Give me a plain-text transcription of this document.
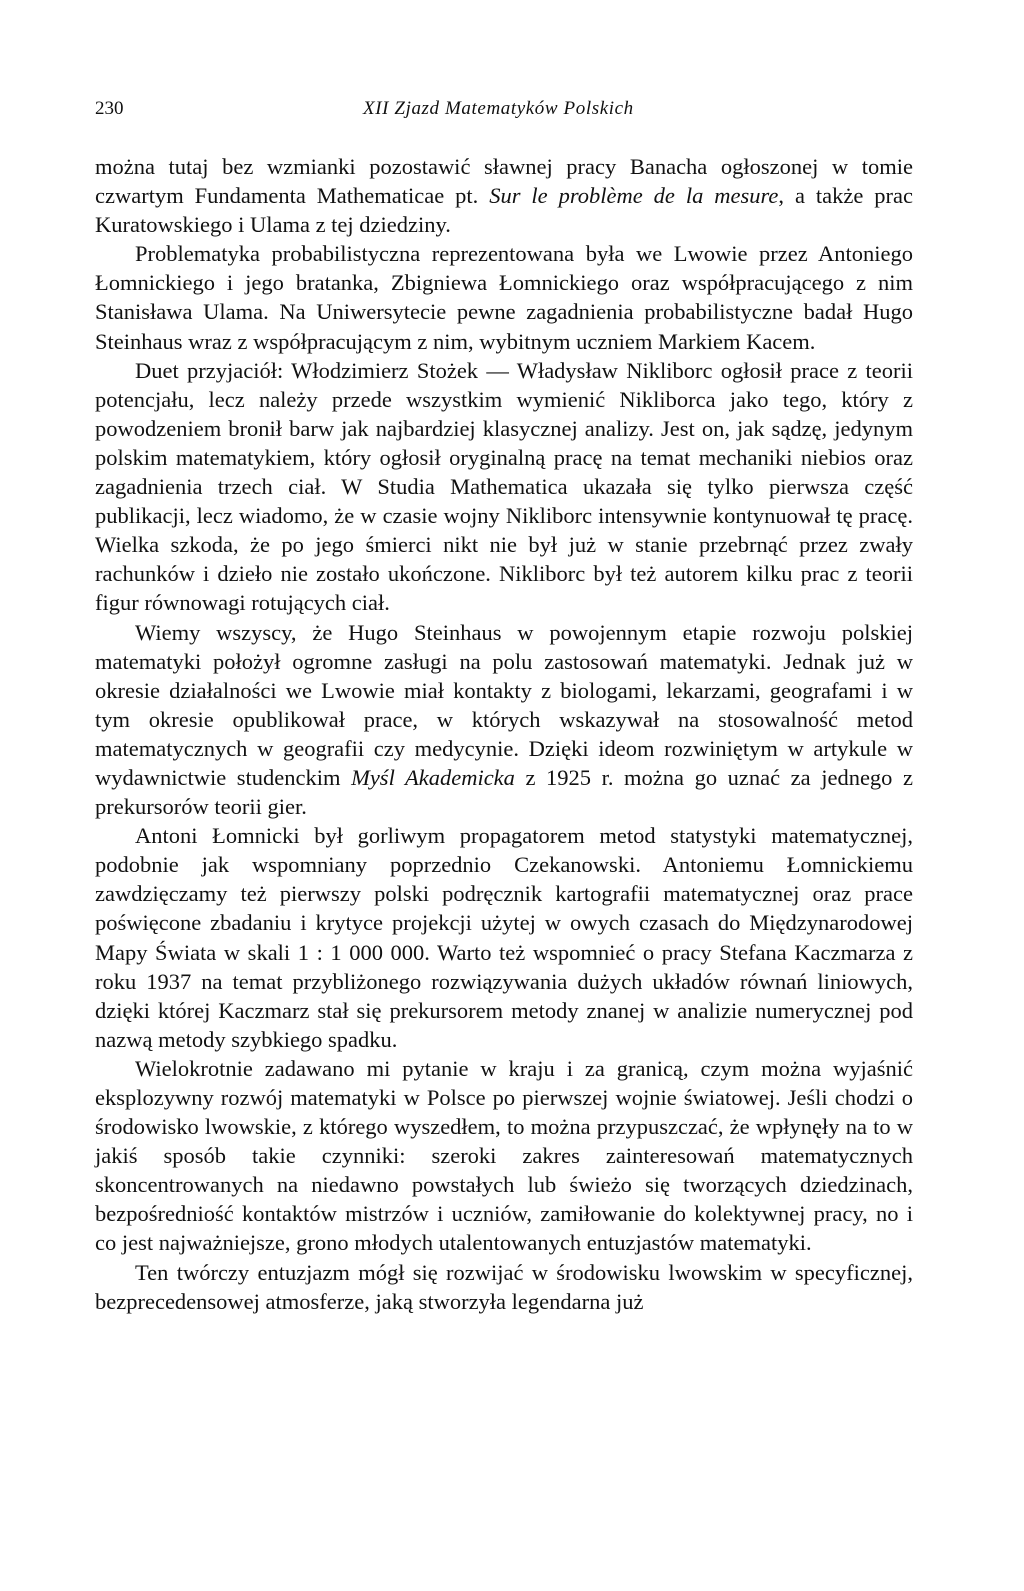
230	XII Zjazd Matematyków Polskich

można tutaj bez wzmianki pozostawić sławnej pracy Banacha ogłoszonej w tomie czwartym Fundamenta Mathematicae pt. Sur le problème de la mesure, a także prac Kuratowskiego i Ulama z tej dziedziny.

Problematyka probabilistyczna reprezentowana była we Lwowie przez Antoniego Łomnickiego i jego bratanka, Zbigniewa Łomnickiego oraz współpracującego z nim Stanisława Ulama. Na Uniwersytecie pewne zagadnienia probabilistyczne badał Hugo Steinhaus wraz z współpracującym z nim, wybitnym uczniem Markiem Kacem.

Duet przyjaciół: Włodzimierz Stożek — Władysław Nikliborc ogłosił prace z teorii potencjału, lecz należy przede wszystkim wymienić Nikliborca jako tego, który z powodzeniem bronił barw jak najbardziej klasycznej analizy. Jest on, jak sądzę, jedynym polskim matematykiem, który ogłosił oryginalną pracę na temat mechaniki niebios oraz zagadnienia trzech ciał. W Studia Mathematica ukazała się tylko pierwsza część publikacji, lecz wiadomo, że w czasie wojny Nikliborc intensywnie kontynuował tę pracę. Wielka szkoda, że po jego śmierci nikt nie był już w stanie przebrnąć przez zwały rachunków i dzieło nie zostało ukończone. Nikliborc był też autorem kilku prac z teorii figur równowagi rotujących ciał.

Wiemy wszyscy, że Hugo Steinhaus w powojennym etapie rozwoju polskiej matematyki położył ogromne zasługi na polu zastosowań matematyki. Jednak już w okresie działalności we Lwowie miał kontakty z biologami, lekarzami, geografami i w tym okresie opublikował prace, w których wskazywał na stosowalność metod matematycznych w geografii czy medycynie. Dzięki ideom rozwiniętym w artykule w wydawnictwie studenckim Myśl Akademicka z 1925 r. można go uznać za jednego z prekursorów teorii gier.

Antoni Łomnicki był gorliwym propagatorem metod statystyki matematycznej, podobnie jak wspomniany poprzednio Czekanowski. Antoniemu Łomnickiemu zawdzięczamy też pierwszy polski podręcznik kartografii matematycznej oraz prace poświęcone zbadaniu i krytyce projekcji użytej w owych czasach do Międzynarodowej Mapy Świata w skali 1 : 1 000 000. Warto też wspomnieć o pracy Stefana Kaczmarza z roku 1937 na temat przybliżonego rozwiązywania dużych układów równań liniowych, dzięki której Kaczmarz stał się prekursorem metody znanej w analizie numerycznej pod nazwą metody szybkiego spadku.

Wielokrotnie zadawano mi pytanie w kraju i za granicą, czym można wyjaśnić eksplozywny rozwój matematyki w Polsce po pierwszej wojnie światowej. Jeśli chodzi o środowisko lwowskie, z którego wyszedłem, to można przypuszczać, że wpłynęły na to w jakiś sposób takie czynniki: szeroki zakres zainteresowań matematycznych skoncentrowanych na niedawno powstałych lub świeżo się tworzących dziedzinach, bezpośredniość kontaktów mistrzów i uczniów, zamiłowanie do kolektywnej pracy, no i co jest najważniejsze, grono młodych utalentowanych entuzjastów matematyki.

Ten twórczy entuzjazm mógł się rozwijać w środowisku lwowskim w specyficznej, bezprecedensowej atmosferze, jaką stworzyła legendarna już
